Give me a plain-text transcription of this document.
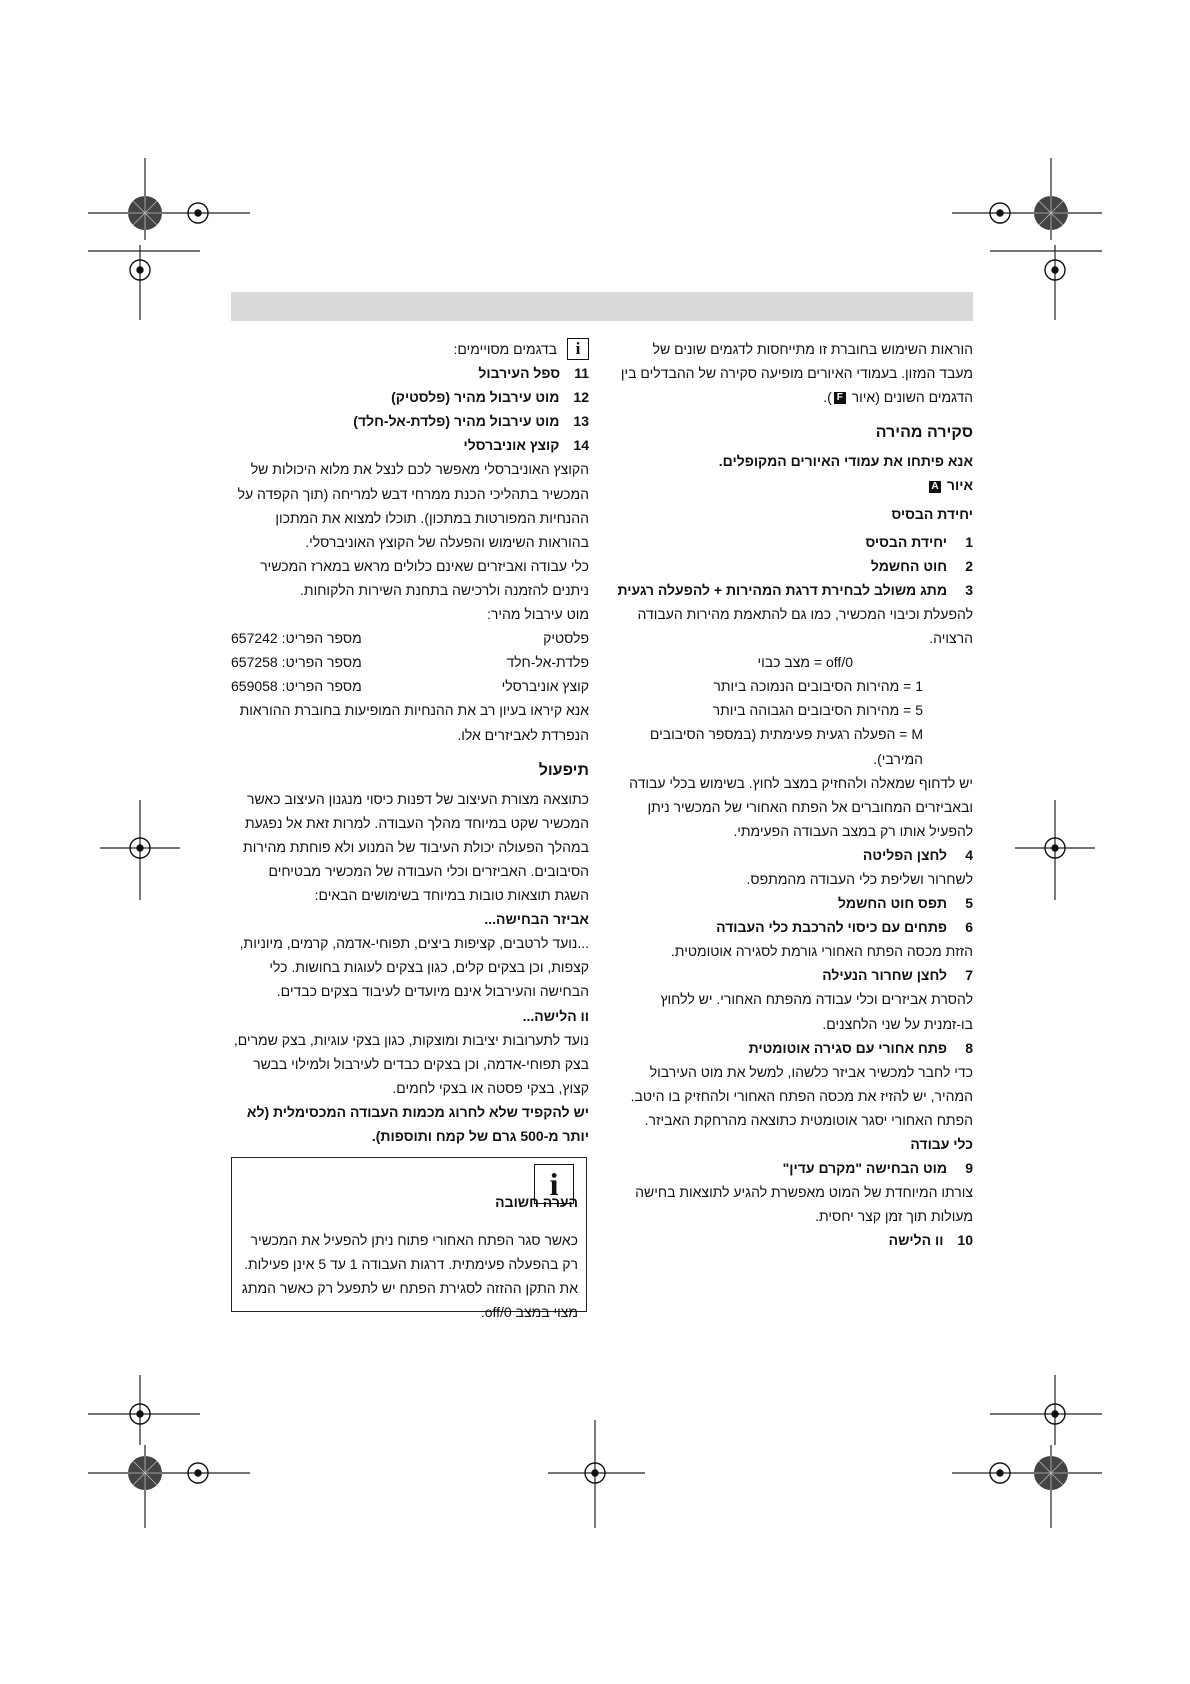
הוראות השימוש בחוברת זו מתייחסות לדגמים שונים של מעבד המזון. בעמודי האיורים מופיעה סקירה של ההבדלים בין הדגמים השונים (איור F).

סקירה מהירה

אנא פיתחו את עמודי האיורים המקופלים.

איור A

יחידת הבסיס

1
יחידת הבסיס
2
חוט החשמל
3
מתג משולב לבחירת דרגת המהירות + להפעלה רגעית

להפעלת וכיבוי המכשיר, כמו גם להתאמת מהירות העבודה הרצויה.

off/0 = מצב כבוי

1 = מהירות הסיבובים הנמוכה ביותר

5 = מהירות הסיבובים הגבוהה ביותר

M = הפעלה רגעית פעימתית (במספר הסיבובים המירבי).

יש לדחוף שמאלה ולהחזיק במצב לחוץ. בשימוש בכלי עבודה ובאביזרים המחוברים אל הפתח האחורי של המכשיר ניתן להפעיל אותו רק במצב העבודה הפעימתי.

4
לחצן הפליטה

לשחרור ושליפת כלי העבודה מהמתפס.

5
תפס חוט החשמל
6
פתחים עם כיסוי להרכבת כלי העבודה

הזזת מכסה הפתח האחורי גורמת לסגירה אוטומטית.

7
לחצן שחרור הנעילה

להסרת אביזרים וכלי עבודה מהפתח האחורי. יש ללחוץ בו-זמנית על שני הלחצנים.

8
פתח אחורי עם סגירה אוטומטית

כדי לחבר למכשיר אביזר כלשהו, למשל את מוט העירבול המהיר, יש להזיז את מכסה הפתח האחורי ולהחזיק בו היטב. הפתח האחורי יסגר אוטומטית כתוצאה מהרחקת האביזר.

כלי עבודה

9
מוט הבחישה "מקרם עדין"

צורתו המיוחדת של המוט מאפשרת להגיע לתוצאות בחישה מעולות תוך זמן קצר יחסית.

10
וו הלישה
i
בדגמים מסויימים:
11
ספל העירבול
12
מוט עירבול מהיר (פלסטיק)
13
מוט עירבול מהיר (פלדת-אל-חלד)
14
קוצץ אוניברסלי

הקוצץ האוניברסלי מאפשר לכם לנצל את מלוא היכולות של המכשיר בתהליכי הכנת ממרחי דבש למריחה (תוך הקפדה על ההנחיות המפורטות במתכון). תוכלו למצוא את המתכון בהוראות השימוש והפעלה של הקוצץ האוניברסלי.

כלי עבודה ואביזרים שאינם כלולים מראש במארז המכשיר ניתנים להזמנה ולרכישה בתחנת השירות הלקוחות.

מוט עירבול מהיר:

פלסטיק
מספר הפריט: 657242
פלדת-אל-חלד
מספר הפריט: 657258
קוצץ אוניברסלי
מספר הפריט: 659058

אנא קיראו בעיון רב את ההנחיות המופיעות בחוברת ההוראות הנפרדת לאביזרים אלו.

תיפעול

כתוצאה מצורת העיצוב של דפנות כיסוי מנגנון העיצוב כאשר המכשיר שקט במיוחד מהלך העבודה. למרות זאת אל נפגעת במהלך הפעולה יכולת העיבוד של המנוע ולא פוחתת מהירות הסיבובים. האביזרים וכלי העבודה של המכשיר מבטיחים השגת תוצאות טובות במיוחד בשימושים הבאים:

אביזר הבחישה...

...נועד לרטבים, קציפות ביצים, תפוחי-אדמה, קרמים, מיוניות, קצפות, וכן בצקים קלים, כגון בצקים לעוגות בחושות. כלי הבחישה והעירבול אינם מיועדים לעיבוד בצקים כבדים.

וו הלישה...

נועד לתערובות יציבות ומוצקות, כגון בצקי עוגיות, בצק שמרים, בצק תפוחי-אדמה, וכן בצקים כבדים לעירבול ולמילוי בבשר קצוץ, בצקי פסטה או בצקי לחמים.

יש להקפיד שלא לחרוג מכמות העבודה המכסימלית (לא יותר מ-500 גרם של קמח ותוספות).

i

הערה חשובה

כאשר סגר הפתח האחורי פתוח ניתן להפעיל את המכשיר רק בהפעלה פעימתית. דרגות העבודה 1 עד 5 אינן פעילות. את התקן ההזזה לסגירת הפתח יש לתפעל רק כאשר המתג מצוי במצב off/0.
